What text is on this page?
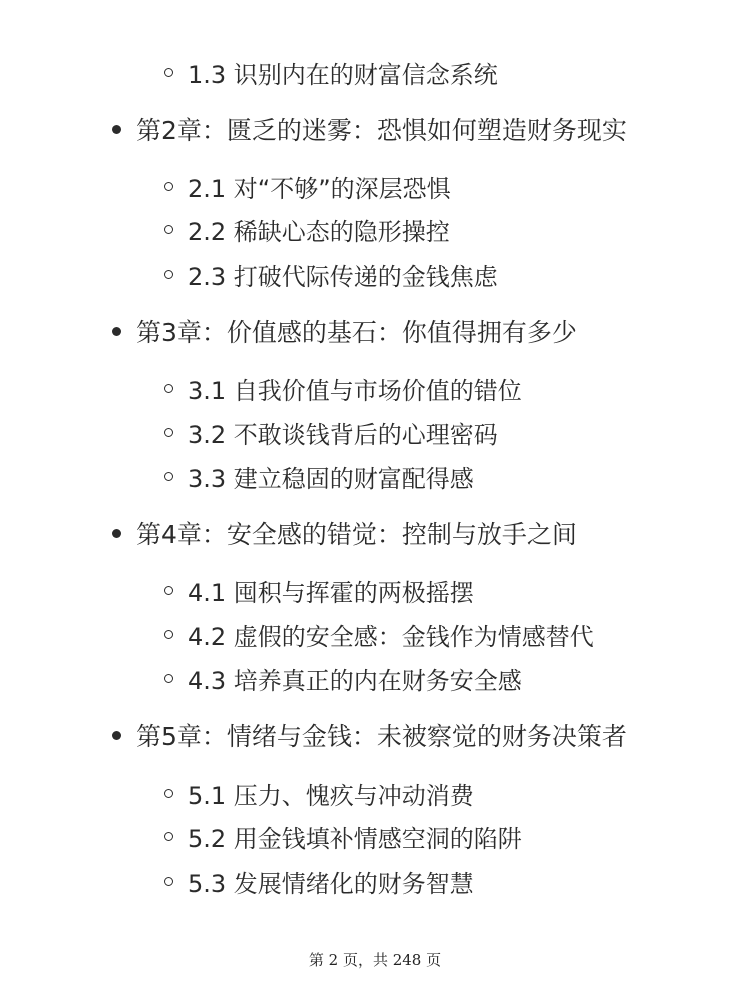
1.3 识别内在的财富信念系统
第2章：匮乏的迷雾：恐惧如何塑造财务现实
2.1 对“不够”的深层恐惧
2.2 稀缺心态的隐形操控
2.3 打破代际传递的金钱焦虑
第3章：价值感的基石：你值得拥有多少
3.1 自我价值与市场价值的错位
3.2 不敢谈钱背后的心理密码
3.3 建立稳固的财富配得感
第4章：安全感的错觉：控制与放手之间
4.1 囤积与挥霍的两极摇摆
4.2 虚假的安全感：金钱作为情感替代
4.3 培养真正的内在财务安全感
第5章：情绪与金钱：未被察觉的财务决策者
5.1 压力、愧疚与冲动消费
5.2 用金钱填补情感空洞的陷阱
5.3 发展情绪化的财务智慧
第 2 页，共 248 页
